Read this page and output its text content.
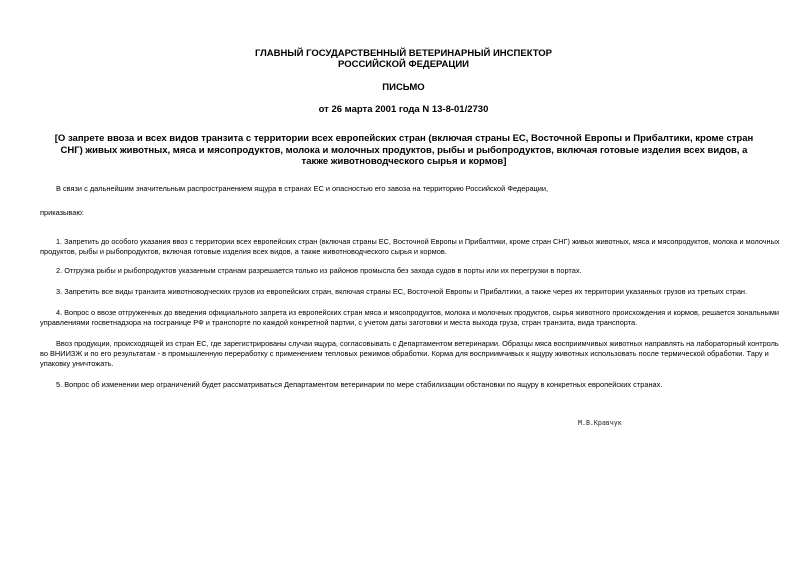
ГЛАВНЫЙ ГОСУДАРСТВЕННЫЙ ВЕТЕРИНАРНЫЙ ИНСПЕКТОР
РОССИЙСКОЙ ФЕДЕРАЦИИ
ПИСЬМО
от 26 марта 2001 года N 13-8-01/2730
[О запрете ввоза и всех видов транзита с территории всех европейских стран (включая страны ЕС, Восточной Европы и Прибалтики, кроме стран СНГ) живых животных, мяса и мясопродуктов, молока и молочных продуктов, рыбы и рыбопродуктов, включая готовые изделия всех видов, а также животноводческого сырья и кормов]
В связи с дальнейшим значительным распространением ящура в странах ЕС и опасностью его завоза на территорию Российской Федерации,
приказываю:
1. Запретить до особого указания ввоз с территории всех европейских стран (включая страны ЕС, Восточной Европы и Прибалтики, кроме стран СНГ) живых животных, мяса и мясопродуктов, молока и молочных
продуктов, рыбы и рыбопродуктов, включая готовые изделия всех видов, а также животноводческого сырья и кормов.
2. Отгрузка рыбы и рыбопродуктов указанным странам разрешается только из районов промысла без захода судов в порты или их перегрузки в портах.
3. Запретить все виды транзита животноводческих грузов из европейских стран, включая страны ЕС, Восточной Европы и Прибалтики, а также через их территории указанных грузов из третьих стран.
4. Вопрос о ввозе отгруженных до введения официального запрета из европейских стран мяса и мясопродуктов, молока и молочных продуктов, сырья животного происхождения и кормов, решается зональными
управлениями госветнадзора на госгранице РФ и транспорте по каждой конкретной партии, с учетом даты заготовки и места выхода груза, стран транзита, вида транспорта.
Ввоз продукции, происходящей из стран ЕС, где зарегистрированы случаи ящура, согласовывать с Департаментом ветеринарии. Образцы мяса восприимчивых животных направлять на лабораторный контроль
во ВНИИЗЖ и по его результатам - в промышленную переработку с применением тепловых режимов обработки. Корма для восприимчивых к ящуру животных использовать после термической обработки. Тару и
упаковку уничтожать.
5. Вопрос об изменении мер ограничений будет рассматриваться Департаментом ветеринарии по мере стабилизации обстановки по ящуру в конкретных европейских странах.
М.В.Кравчук
